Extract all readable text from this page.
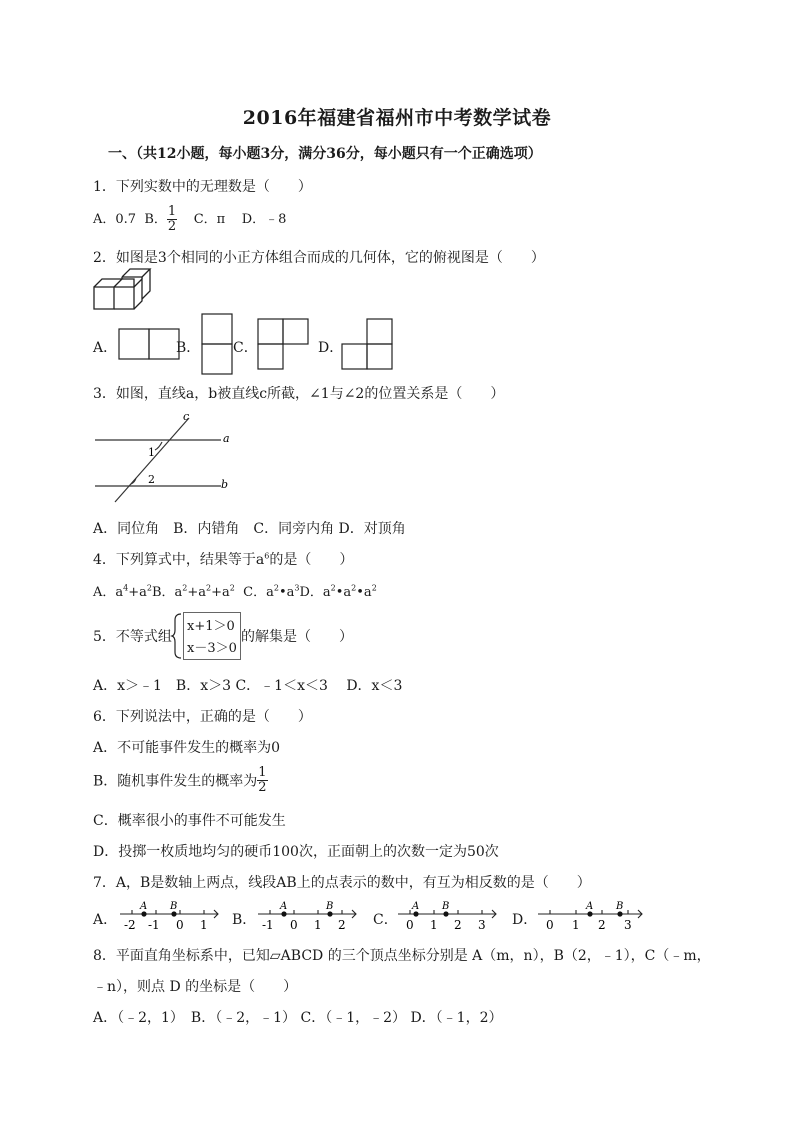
2016年福建省福州市中考数学试卷
一、（共12小题，每小题3分，满分36分，每小题只有一个正确选项）
1．下列实数中的无理数是（　　）
A．0.7 B． $\frac{1}{2}$ C．π D．﹣8
2．如图是3个相同的小正方体组合而成的几何体，它的俯视图是（　　）
A．	B． C．	D．
3．如图，直线a，b被直线c所截，∠1与∠2的位置关系是（　　）
c
a
b
1
2
A．同位角　B．内错角　C．同旁内角 D．对顶角
4．下列算式中，结果等于$a^6$的是（　　）
A．$a^4+a^2B$．$a^2+a^2+a^2$ C．$a^2•a^3D$．$a^2•a^2•a^2$
5．不等式组
x+1＞0
x－3＞0
的解集是（　　）
A．x＞﹣1　B．x＞3 C．﹣1＜x＜3　 D．x＜3
6．下列说法中，正确的是（　　）
A．不可能事件发生的概率为0
B．随机事件发生的概率为 $\frac{1}{2}$
C．概率很小的事件不可能发生
D．投掷一枚质地均匀的硬币100次，正面朝上的次数一定为50次
7．A，B是数轴上两点，线段AB上的点表示的数中，有互为相反数的是（　　）
A．
A B
-2 -1 0 1 B．
A	B
-1 0 1 2 C．
A B
0 1 2 3 D．
A B
0 1 2 3
8．平面直角坐标系中，已知▱ABCD 的三个顶点坐标分别是 A（m，n），B（2，﹣1），C（﹣m，
﹣n），则点 D 的坐标是（　　）
A．（﹣2，1）　B．（﹣2，﹣1） C．（﹣1，﹣2） D．（﹣1，2）
